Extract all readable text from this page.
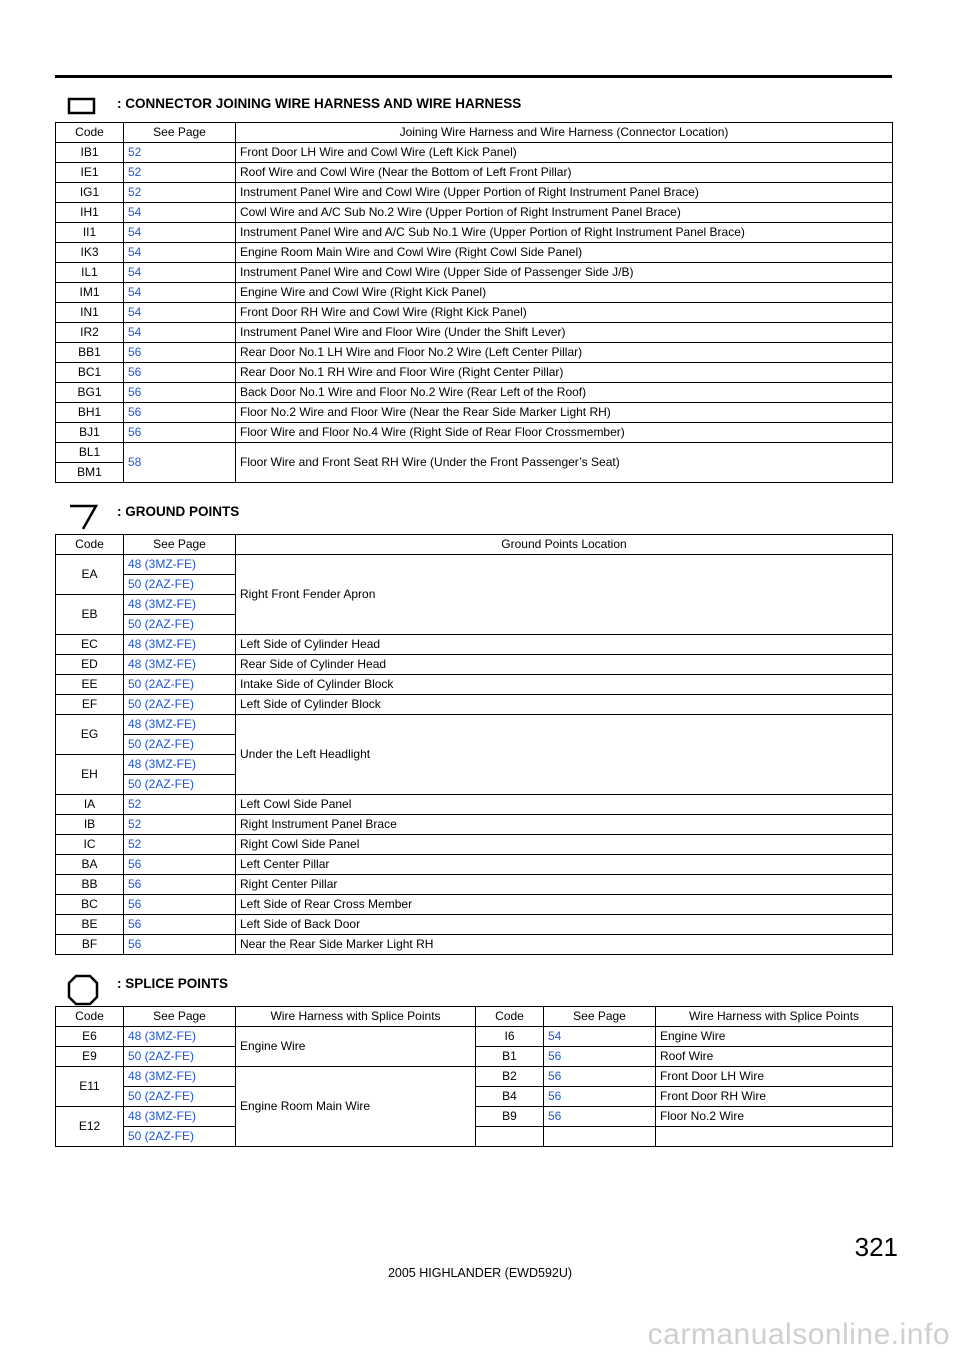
: CONNECTOR JOINING WIRE HARNESS AND WIRE HARNESS
Code	See Page	Joining Wire Harness and Wire Harness (Connector Location)
IB1	52	Front Door LH Wire and Cowl Wire (Left Kick Panel)
IE1	52	Roof Wire and Cowl Wire (Near the Bottom of Left Front Pillar)
IG1	52	Instrument Panel Wire and Cowl Wire (Upper Portion of Right Instrument Panel Brace)
IH1	54	Cowl Wire and A/C Sub No.2 Wire (Upper Portion of Right Instrument Panel Brace)
II1	54	Instrument Panel Wire and A/C Sub No.1 Wire (Upper Portion of Right Instrument Panel Brace)
IK3	54	Engine Room Main Wire and Cowl Wire (Right Cowl Side Panel)
IL1	54	Instrument Panel Wire and Cowl Wire (Upper Side of Passenger Side J/B)
IM1	54	Engine Wire and Cowl Wire (Right Kick Panel)
IN1	54	Front Door RH Wire and Cowl Wire (Right Kick Panel)
IR2	54	Instrument Panel Wire and Floor Wire (Under the Shift Lever)
BB1	56	Rear Door No.1 LH Wire and Floor No.2 Wire (Left Center Pillar)
BC1	56	Rear Door No.1 RH Wire and Floor Wire (Right Center Pillar)
BG1	56	Back Door No.1 Wire and Floor No.2 Wire (Rear Left of the Roof)
BH1	56	Floor No.2 Wire and Floor Wire (Near the Rear Side Marker Light RH)
BJ1	56	Floor Wire and Floor No.4 Wire (Right Side of Rear Floor Crossmember)
BL1	58	Floor Wire and Front Seat RH Wire (Under the Front Passenger’s Seat)
BM1		
: GROUND POINTS
Code	See Page	Ground Points Location
EA	48 (3MZ-FE)	Right Front Fender Apron
	50 (2AZ-FE)	
EB	48 (3MZ-FE)	
	50 (2AZ-FE)	
EC	48 (3MZ-FE)	Left Side of Cylinder Head
ED	48 (3MZ-FE)	Rear Side of Cylinder Head
EE	50 (2AZ-FE)	Intake Side of Cylinder Block
EF	50 (2AZ-FE)	Left Side of Cylinder Block
EG	48 (3MZ-FE)	Under the Left Headlight
	50 (2AZ-FE)	
EH	48 (3MZ-FE)	
	50 (2AZ-FE)	
IA	52	Left Cowl Side Panel
IB	52	Right Instrument Panel Brace
IC	52	Right Cowl Side Panel
BA	56	Left Center Pillar
BB	56	Right Center Pillar
BC	56	Left Side of Rear Cross Member
BE	56	Left Side of Back Door
BF	56	Near the Rear Side Marker Light RH
: SPLICE POINTS
Code	See Page	Wire Harness with Splice Points	Code	See Page	Wire Harness with Splice Points
E6	48 (3MZ-FE)	Engine Wire	I6	54	Engine Wire
E9	50 (2AZ-FE)		B1	56	Roof Wire
E11	48 (3MZ-FE)	Engine Room Main Wire	B2	56	Front Door LH Wire
	50 (2AZ-FE)		B4	56	Front Door RH Wire
E12	48 (3MZ-FE)		B9	56	Floor No.2 Wire
	50 (2AZ-FE)				
321
2005 HIGHLANDER (EWD592U)
carmanualsonline.info
